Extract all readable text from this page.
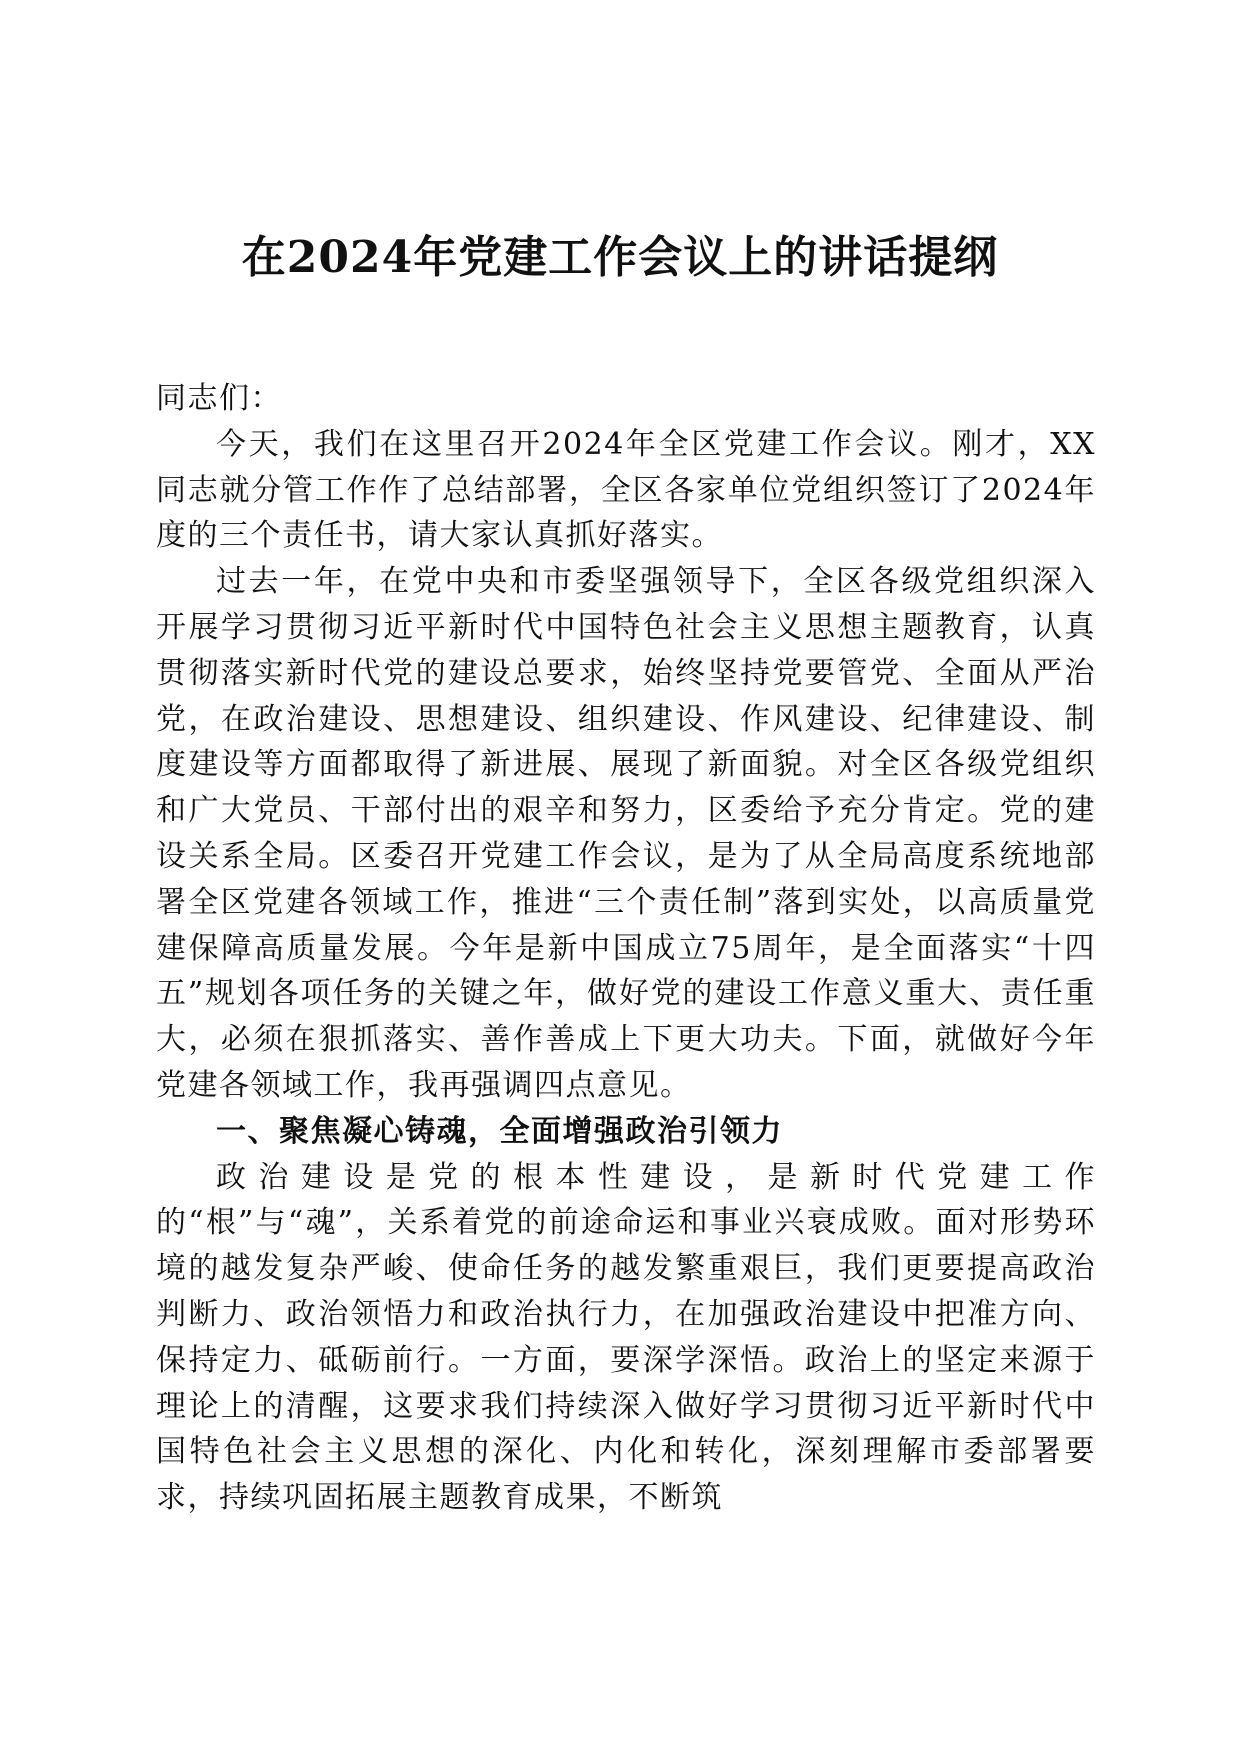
在2024年党建工作会议上的讲话提纲

同志们：

今天，我们在这里召开2024年全区党建工作会议。刚才，XX同志就分管工作作了总结部署，全区各家单位党组织签订了2024年度的三个责任书，请大家认真抓好落实。

过去一年，在党中央和市委坚强领导下，全区各级党组织深入开展学习贯彻习近平新时代中国特色社会主义思想主题教育，认真贯彻落实新时代党的建设总要求，始终坚持党要管党、全面从严治党，在政治建设、思想建设、组织建设、作风建设、纪律建设、制度建设等方面都取得了新进展、展现了新面貌。对全区各级党组织和广大党员、干部付出的艰辛和努力，区委给予充分肯定。党的建设关系全局。区委召开党建工作会议，是为了从全局高度系统地部署全区党建各领域工作，推进“三个责任制”落到实处，以高质量党建保障高质量发展。今年是新中国成立75周年，是全面落实“十四五”规划各项任务的关键之年，做好党的建设工作意义重大、责任重大，必须在狠抓落实、善作善成上下更大功夫。下面，就做好今年党建各领域工作，我再强调四点意见。

一、聚焦凝心铸魂，全面增强政治引领力

政治建设是党的根本性建设，是新时代党建工作的“根”与“魂”，关系着党的前途命运和事业兴衰成败。面对形势环境的越发复杂严峻、使命任务的越发繁重艰巨，我们更要提高政治判断力、政治领悟力和政治执行力，在加强政治建设中把准方向、保持定力、砥砺前行。一方面，要深学深悟。政治上的坚定来源于理论上的清醒，这要求我们持续深入做好学习贯彻习近平新时代中国特色社会主义思想的深化、内化和转化，深刻理解市委部署要求，持续巩固拓展主题教育成果，不断筑
